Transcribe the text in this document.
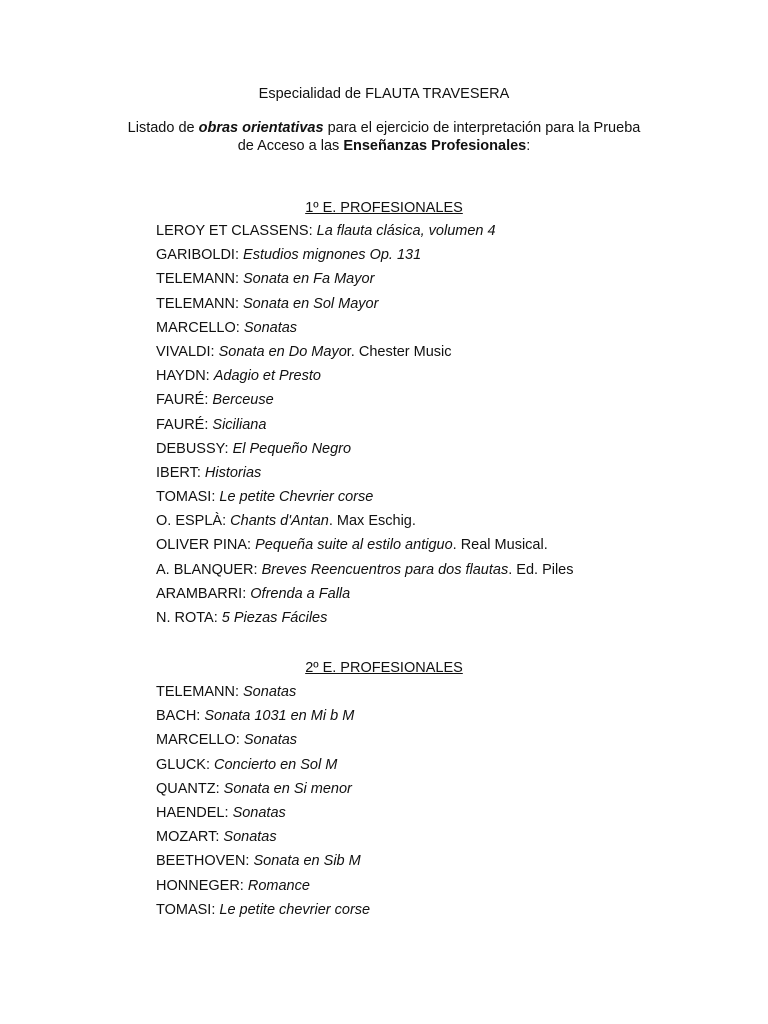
Especialidad de FLAUTA TRAVESERA
Listado de obras orientativas para el ejercicio de interpretación para la Prueba
de Acceso a las Enseñanzas Profesionales:
1º E. PROFESIONALES
LEROY ET CLASSENS: La flauta clásica, volumen 4
GARIBOLDI: Estudios mignones Op. 131
TELEMANN: Sonata en Fa Mayor
TELEMANN: Sonata en Sol Mayor
MARCELLO: Sonatas
VIVALDI: Sonata en Do Mayor. Chester Music
HAYDN: Adagio et Presto
FAURÉ: Berceuse
FAURÉ: Siciliana
DEBUSSY: El Pequeño Negro
IBERT: Historias
TOMASI: Le petite Chevrier corse
O. ESPLÀ: Chants d'Antan. Max Eschig.
OLIVER PINA: Pequeña suite al estilo antiguo. Real Musical.
A. BLANQUER: Breves Reencuentros para dos flautas. Ed. Piles
ARAMBARRI: Ofrenda a Falla
N. ROTA: 5 Piezas Fáciles
2º E. PROFESIONALES
TELEMANN: Sonatas
BACH: Sonata 1031 en Mi b M
MARCELLO: Sonatas
GLUCK: Concierto en Sol M
QUANTZ: Sonata en Si menor
HAENDEL: Sonatas
MOZART: Sonatas
BEETHOVEN: Sonata en Sib M
HONNEGER: Romance
TOMASI: Le petite chevrier corse
